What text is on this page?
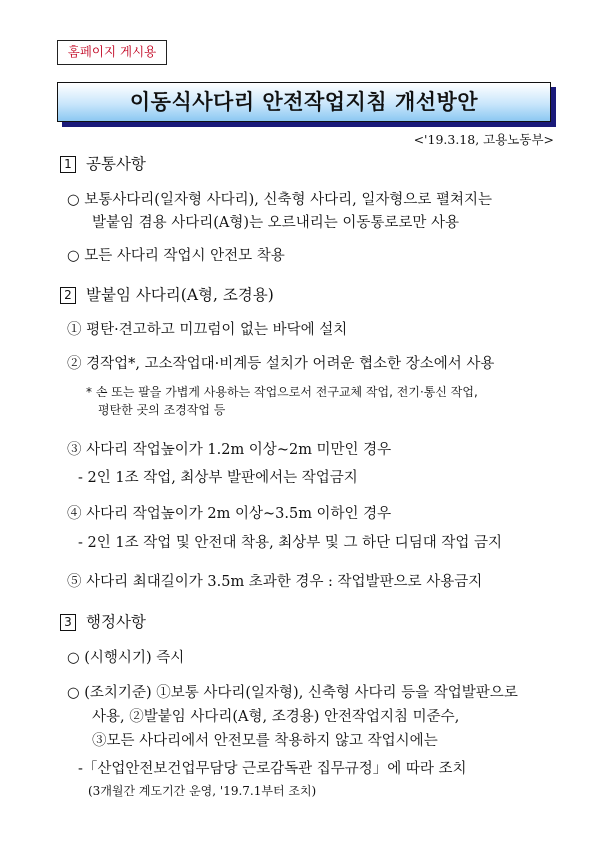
홈페이지 게시용
이동식사다리 안전작업지침 개선방안
<'19.3.18, 고용노동부>
1 공통사항
○ 보통사다리(일자형 사다리), 신축형 사다리, 일자형으로 펼쳐지는
발붙임 겸용 사다리(A형)는 오르내리는 이동통로로만 사용
○ 모든 사다리 작업시 안전모 착용
2 발붙임 사다리(A형, 조경용)
① 평탄·견고하고 미끄럼이 없는 바닥에 설치
② 경작업*, 고소작업대·비계등 설치가 어려운 협소한 장소에서 사용
* 손 또는 팔을 가볍게 사용하는 작업으로서 전구교체 작업, 전기·통신 작업,
평탄한 곳의 조경작업 등
③ 사다리 작업높이가 1.2m 이상~2m 미만인 경우
- 2인 1조 작업, 최상부 발판에서는 작업금지
④ 사다리 작업높이가 2m 이상~3.5m 이하인 경우
- 2인 1조 작업 및 안전대 착용, 최상부 및 그 하단 디딤대 작업 금지
⑤ 사다리 최대길이가 3.5m 초과한 경우 : 작업발판으로 사용금지
3 행정사항
○ (시행시기) 즉시
○ (조치기준) ①보통 사다리(일자형), 신축형 사다리 등을 작업발판으로
사용, ②발붙임 사다리(A형, 조경용) 안전작업지침 미준수,
③모든 사다리에서 안전모를 착용하지 않고 작업시에는
-「산업안전보건업무담당 근로감독관 집무규정」에 따라 조치
(3개월간 계도기간 운영, '19.7.1부터 조치)
